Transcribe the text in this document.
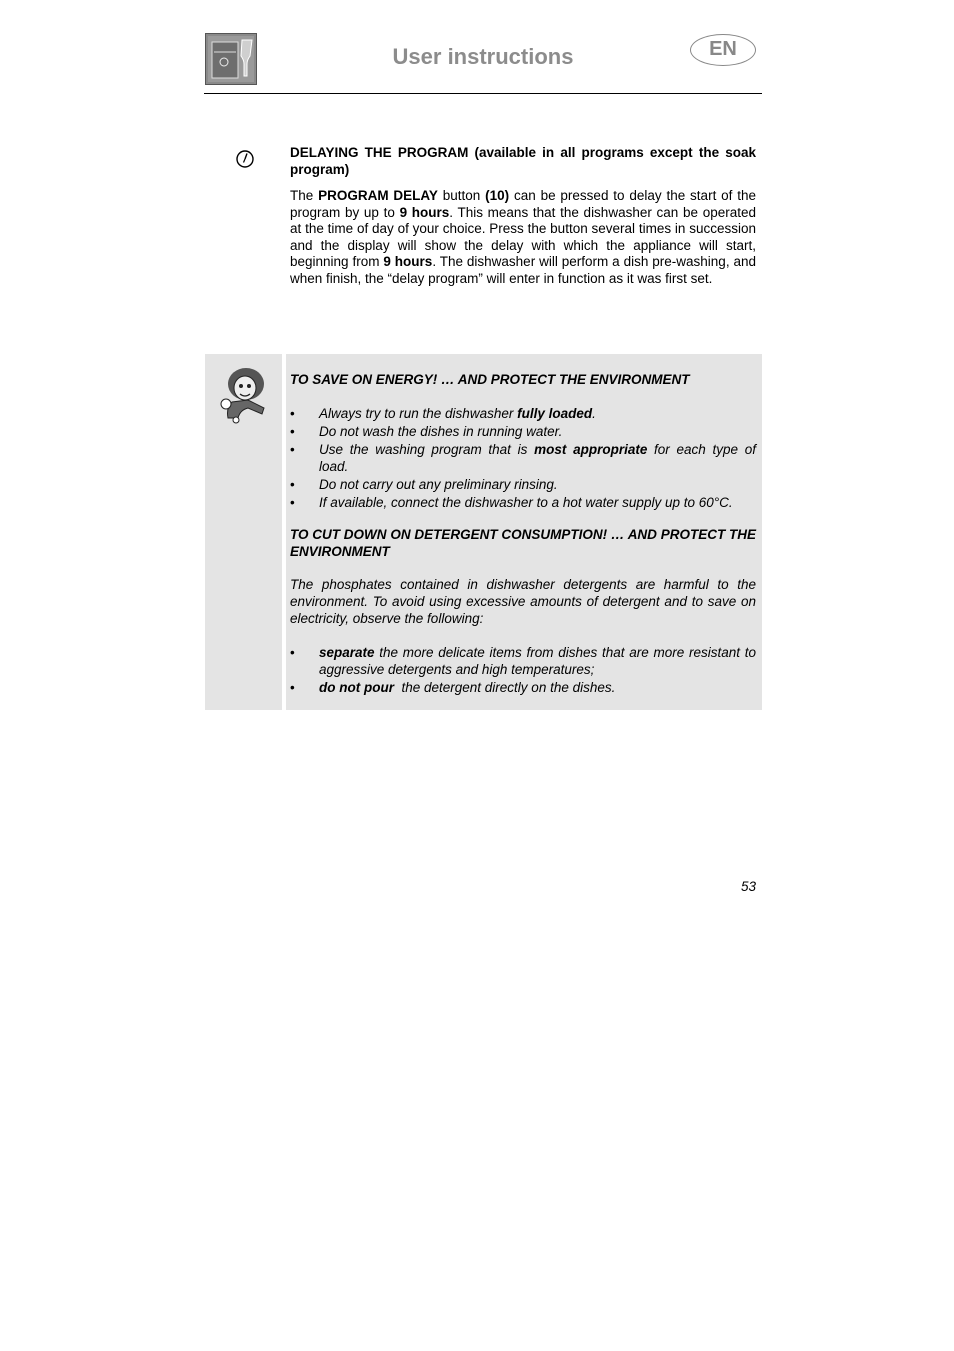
User instructions	EN
DELAYING THE PROGRAM (available in all programs except the soak program)
The PROGRAM DELAY button (10) can be pressed to delay the start of the program by up to 9 hours. This means that the dishwasher can be operated at the time of day of your choice. Press the button several times in succession and the display will show the delay with which the appliance will start, beginning from 9 hours. The dishwasher will perform a dish pre-washing, and when finish, the “delay program” will enter in function as it was first set.
TO SAVE ON ENERGY! … AND PROTECT THE ENVIRONMENT
• Always try to run the dishwasher fully loaded.
• Do not wash the dishes in running water.
• Use the washing program that is most appropriate for each type of load.
• Do not carry out any preliminary rinsing.
• If available, connect the dishwasher to a hot water supply up to 60°C.
TO CUT DOWN ON DETERGENT CONSUMPTION! … AND PROTECT THE ENVIRONMENT
The phosphates contained in dishwasher detergents are harmful to the environment. To avoid using excessive amounts of detergent and to save on electricity, observe the following:
• separate the more delicate items from dishes that are more resistant to aggressive detergents and high temperatures;
• do not pour  the detergent directly on the dishes.
53
